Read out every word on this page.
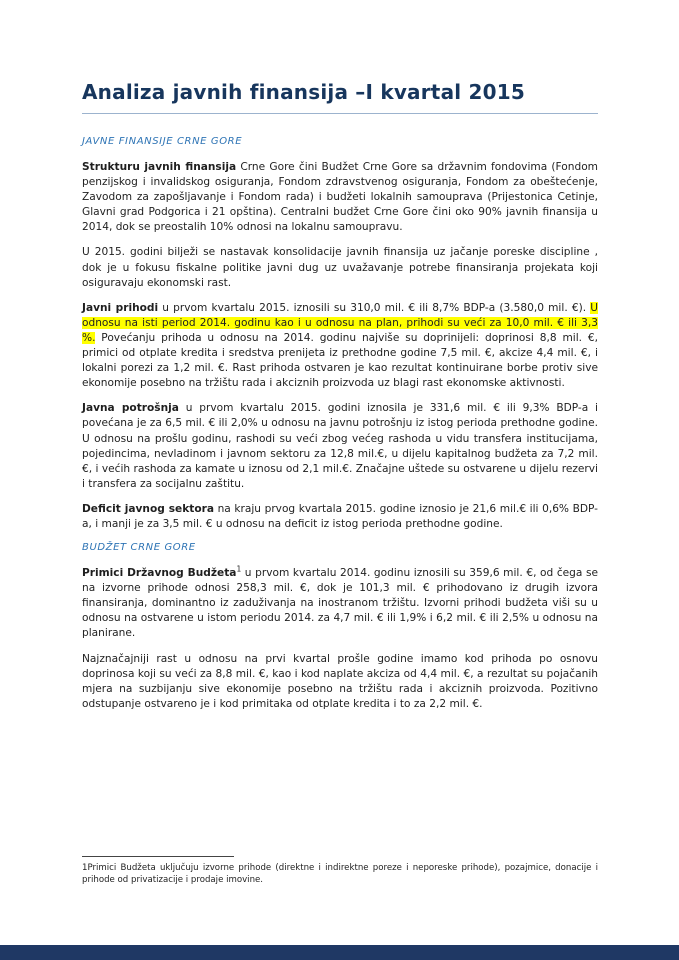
Analiza javnih finansija –I kvartal 2015
JAVNE FINANSIJE CRNE GORE

Strukturu javnih finansija Crne Gore čini Budžet Crne Gore sa državnim fondovima (Fondom penzijskog i invalidskog osiguranja, Fondom zdravstvenog osiguranja, Fondom za obeštećenje, Zavodom za zapošljavanje i Fondom rada) i budžeti lokalnih samouprava (Prijestonica Cetinje, Glavni grad Podgorica i 21 opština). Centralni budžet Crne Gore čini oko 90% javnih finansija u 2014, dok se preostalih 10% odnosi na lokalnu samoupravu.

U 2015. godini bilježi se nastavak konsolidacije javnih finansija uz jačanje poreske discipline , dok je u fokusu fiskalne politike javni dug uz uvažavanje potrebe finansiranja projekata koji osiguravaju ekonomski rast.

Javni prihodi u prvom kvartalu 2015. iznosili su 310,0 mil. € ili 8,7% BDP-a (3.580,0 mil. €). U odnosu na isti period 2014. godinu kao i u odnosu na plan, prihodi su veći za 10,0 mil. € ili 3,3 %. Povećanju prihoda u odnosu na 2014. godinu najviše su doprinijeli: doprinosi 8,8 mil. €, primici od otplate kredita i sredstva prenijeta iz prethodne godine 7,5 mil. €, akcize 4,4 mil. €, i lokalni porezi za 1,2 mil. €. Rast prihoda ostvaren je kao rezultat kontinuirane borbe protiv sive ekonomije posebno na tržištu rada i akciznih proizvoda uz blagi rast ekonomske aktivnosti.

Javna potrošnja u prvom kvartalu 2015. godini iznosila je 331,6 mil. € ili 9,3% BDP-a i povećana je za 6,5 mil. € ili 2,0% u odnosu na javnu potrošnju iz istog perioda prethodne godine. U odnosu na prošlu godinu, rashodi su veći zbog većeg rashoda u vidu transfera institucijama, pojedincima, nevladinom i javnom sektoru za 12,8 mil.€, u dijelu kapitalnog budžeta za 7,2 mil. €, i većih rashoda za kamate u iznosu od 2,1 mil.€. Značajne uštede su ostvarene u dijelu rezervi i transfera za socijalnu zaštitu.

Deficit javnog sektora na kraju prvog kvartala 2015. godine iznosio je 21,6 mil.€ ili 0,6% BDP-a, i manji je za 3,5 mil. € u odnosu na deficit iz istog perioda prethodne godine.

BUDŽET CRNE GORE

Primici Državnog Budžeta$^1$ u prvom kvartalu 2014. godinu iznosili su 359,6 mil. €, od čega se na izvorne prihode odnosi 258,3 mil. €, dok je 101,3 mil. € prihodovano iz drugih izvora finansiranja, dominantno iz zaduživanja na inostranom tržištu. Izvorni prihodi budžeta viši su u odnosu na ostvarene u istom periodu 2014. za 4,7 mil. € ili 1,9% i 6,2 mil. € ili 2,5% u odnosu na planirane.

Najznačajniji rast u odnosu na prvi kvartal prošle godine imamo kod prihoda po osnovu doprinosa koji su veći za 8,8 mil. €, kao i kod naplate akciza od 4,4 mil. €, a rezultat su pojačanih mjera na suzbijanju sive ekonomije posebno na tržištu rada i akciznih proizvoda. Pozitivno odstupanje ostvareno je i kod primitaka od otplate kredita i to za 2,2 mil. €.

1Primici Budžeta uključuju izvorne prihode (direktne i indirektne poreze i neporeske prihode), pozajmice, donacije i prihode od privatizacije i prodaje imovine.
